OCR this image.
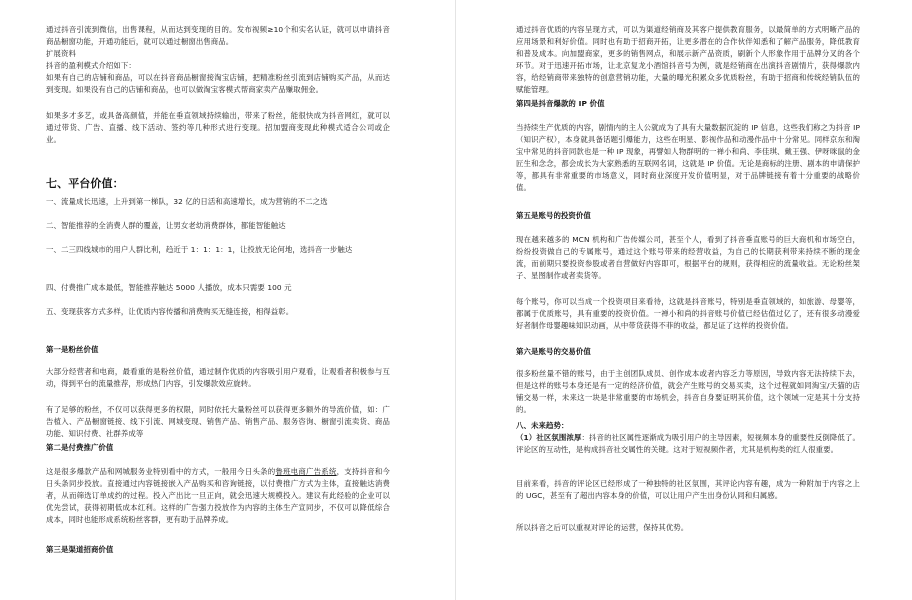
通过抖音引流到微信，出售课程，从而达到变现的目的。发布视频≥10个和实名认证，就可以申请抖音商品橱窗功能，开通功能后，就可以通过橱窗出售商品。

扩展资料

抖音的盈利模式介绍如下：

如果有自己的店铺和商品，可以在抖音商品橱窗接淘宝店铺，把精准粉丝引流到店铺购买产品，从而达到变现。如果没有自己的店铺和商品，也可以做淘宝客模式帮商家卖产品赚取佣金。

如果多才多艺，或具备高颜值，并能在垂直领域持续输出，带来了粉丝，能很快成为抖音网红，就可以通过带货、广告、直播、线下活动、签约等几种形式进行变现。招加盟商变现此种模式适合公司或企业。

七、平台价值：

一、流量成长迅速，上升到第一梯队，32 亿的日活和高速增长，成为营销的不二之选

二、智能推荐的全消费人群的覆盖，让男女老幼消费群体，都能智能触达

一、二三四线城市的用户人群比利，趋近于 1：1：1：1，让投放无论何地，选抖音一步触达

四、付费推广成本最低，智能推荐触达 5000 人播放，成本只需要 100 元

五、变现获客方式多样，让优质内容传播和消费购买无缝连接，相得益彰。

第一是粉丝价值

大部分经营者和电商，最看重的是粉丝价值，通过制作优质的内容吸引用户观看，让观看者积极参与互动，得到平台的流量推荐，形成热门内容，引发爆款效应旋转。

有了足够的粉丝，不仅可以获得更多的权限，同时依托大量粉丝可以获得更多额外的导流价值，如：广告植入、产品橱窗链接、线下引流、网城变现、销售产品、销售产品、服务咨询、橱窗引流卖货、商品功能、知识付费、社群养成等

第二是付费推广价值

这是很多爆款产品和网城服务业特别看中的方式，一般用今日头条的鲁班电商广告系统，支持抖音和今日头条同步投放。直接通过内容链接嵌入产品购买和咨询链接，以付费推广方式为主体，直接触达消费者，从而筛选订单成约的过程。投入产出比一旦正向，就会迅速大规模投入。建议有此经验的企业可以优先尝试，获得初期低成本红利。这样的广告强力投放作为内容的主体生产宣同步，不仅可以降低综合成本，同时也能形成系统粉丝客群，更有助于品牌养成。

第三是渠道招商价值

通过抖音优质的内容呈现方式，可以为渠道经销商及其客户提供教育服务，以最简单的方式明晰产品的应用场景和利好价值。同时也有助于招商开拓，让更多潜在的合作伙伴知悉和了解产品服务，降低教育和普及成本。向加盟商家，更多的销售网点，和展示新产品资质，刷新个人形象作用于品牌分叉的各个环节。对于迅速开拓市场，让北京复龙小酒馆抖音号为例，就是经销商在出演抖音剧情片，获得爆款内容，给经销商带来独特的创意营销功能，大量的曝光积累众多优质粉丝，有助于招商和传统经销队伍的赋能管理。

第四是抖音爆款的 IP 价值

当持续生产优质的内容，剧情内的主人公就成为了具有大量数据沉淀的 IP 信息，这些我们称之为抖音 IP（知识产权），本身就具备话题引爆能力，这些在明星、影视作品和动漫作品中十分常见。同样京东和淘宝中常见的抖音同款也是一种 IP 现象，再譬如人物群明的一禅小和尚、李佳琪、戴王强、伊呀咪鼠的金匠生和念念，都会成长为大家熟悉的互联网名词，这就是 IP 价值。无论是商标的注册、剧本的申请保护等，都具有非常重要的市场意义，同时商业深度开发价值明显，对于品牌链接有着十分重要的战略价值。

第五是账号的投资价值

现在越来越多的 MCN 机构和广告传媒公司，甚至个人，看到了抖音垂直账号的巨大商机和市场空白，纷纷投资做自己的专属账号，通过这个账号带来的经营收益，为自己的长期获利带来持续不断的现金流，而前期只要投资参股或者自营做好内容即可，根据平台的规则，获得相应的流量收益。无论粉丝架子、星图制作或者卖货等。

每个账号，你可以当成一个投资项目来看待，这就是抖音账号，特别是垂直领域的，如旅游、母婴等，都属于优质账号，具有重要的投资价值。一禅小和尚的抖音账号价值已经估值过亿了，还有很多动漫爱好者制作母婴趣味知识动画，从中带货获得不菲的收益，都足证了这样的投资价值。

第六是账号的交易价值

很多粉丝量不错的账号，由于主创团队成员、创作成本或者内容乏力等原因，导致内容无法持续下去，但是这样的账号本身还是有一定的经济价值，就会产生账号的交易买卖，这个过程就如同淘宝/天猫的店铺交易一样，未来这一块是非常重要的市场机会，抖音自身要证明其价值，这个领域一定是其十分支持的。

八、未来趋势：

（1）社区氛围浓厚：抖音的社区属性逐渐成为吸引用户的主导因素，短视频本身的重要性反倒降低了。评论区的互动性，是构成抖音社交属性的关键。这对于短视频作者，尤其是机构类的红人很重要。

目前来看，抖音的评论区已经形成了一种独特的社区氛围，其评论内容有趣，成为一种附加于内容之上的 UGC，甚至有了超出内容本身的价值，可以让用户产生出身份认同和归属感。

所以抖音之后可以重视对评论的运营，保持其优势。
